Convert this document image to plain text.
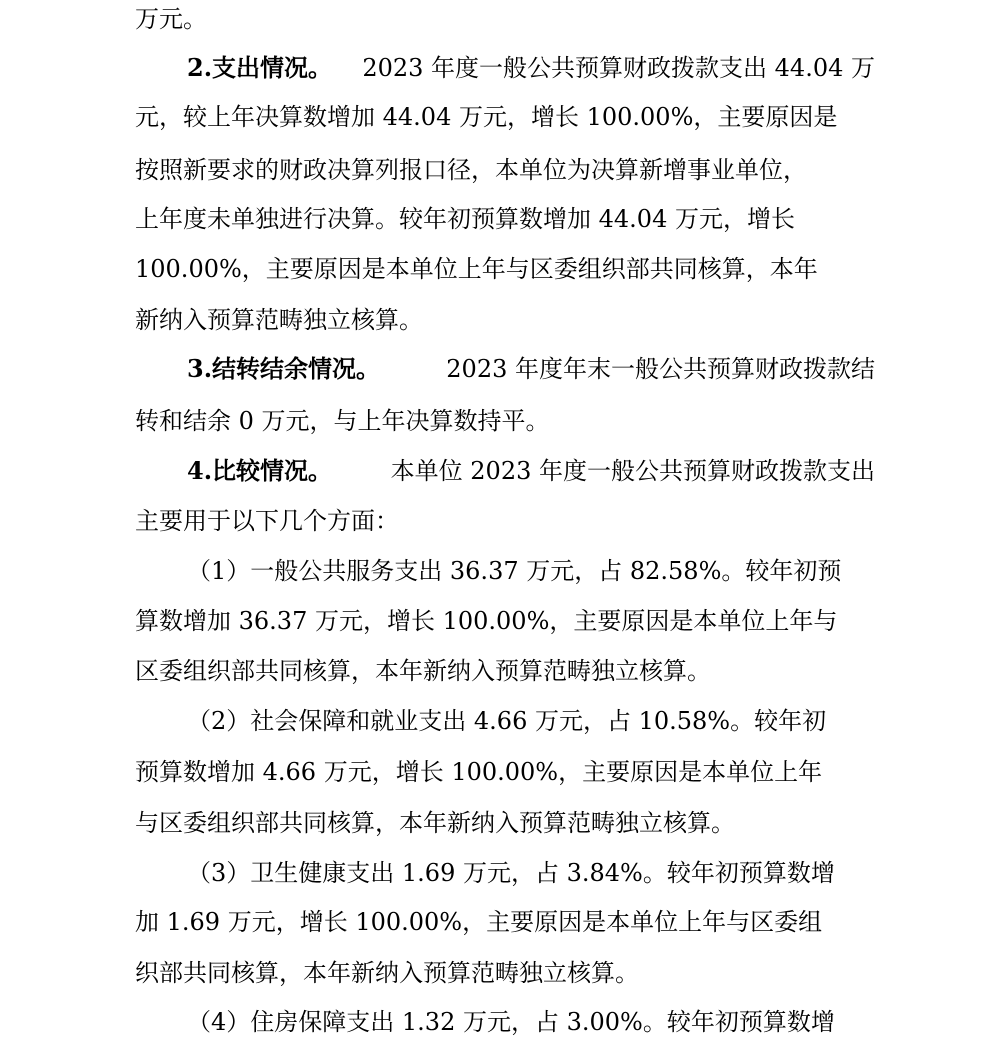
万元。
2.支出情况。 2023 年度一般公共预算财政拨款支出 44.04 万
元，较上年决算数增加 44.04 万元，增长 100.00%，主要原因是
按照新要求的财政决算列报口径，本单位为决算新增事业单位，
上年度未单独进行决算。较年初预算数增加 44.04 万元，增长
100.00%，主要原因是本单位上年与区委组织部共同核算，本年
新纳入预算范畴独立核算。
3.结转结余情况。	2023 年度年末一般公共预算财政拨款结
转和结余 0 万元，与上年决算数持平。
4.比较情况。 本单位 2023 年度一般公共预算财政拨款支出
主要用于以下几个方面：
（1）一般公共服务支出 36.37 万元，占 82.58%。较年初预
算数增加 36.37 万元，增长 100.00%，主要原因是本单位上年与
区委组织部共同核算，本年新纳入预算范畴独立核算。
（2）社会保障和就业支出 4.66 万元，占 10.58%。较年初
预算数增加 4.66 万元，增长 100.00%，主要原因是本单位上年
与区委组织部共同核算，本年新纳入预算范畴独立核算。
（3）卫生健康支出 1.69 万元，占 3.84%。较年初预算数增
加 1.69 万元，增长 100.00%，主要原因是本单位上年与区委组
织部共同核算，本年新纳入预算范畴独立核算。
（4）住房保障支出 1.32 万元，占 3.00%。较年初预算数增
